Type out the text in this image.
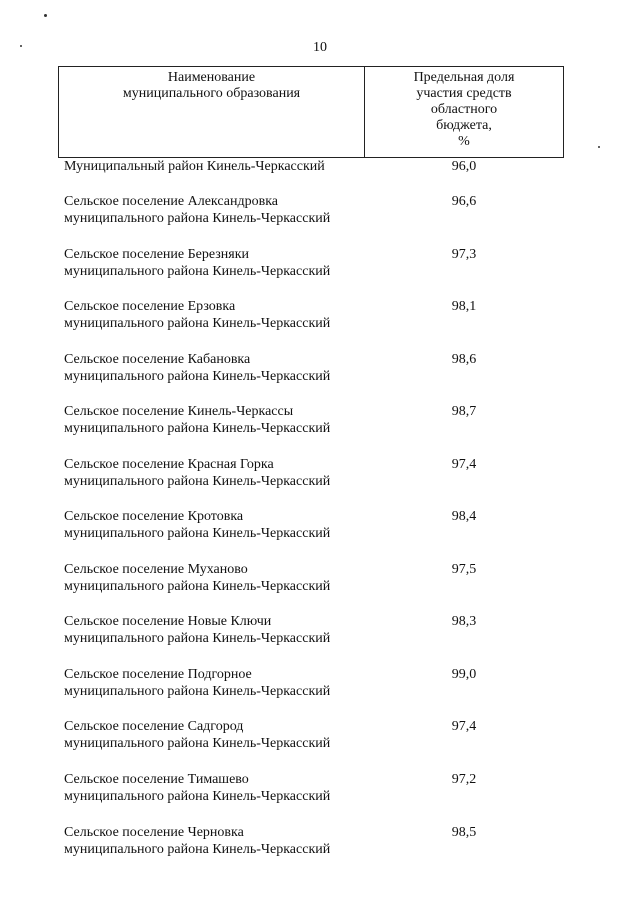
10
Наименование
муниципального образования
Предельная доля
участия средств
областного
бюджета,
%
Муниципальный район Кинель-Черкасский	96,0
Сельское поселение Александровка
муниципального района Кинель-Черкасский
96,6
Сельское поселение Березняки
муниципального района Кинель-Черкасский
97,3
Сельское поселение Ерзовка
муниципального района Кинель-Черкасский
98,1
Сельское поселение Кабановка
муниципального района Кинель-Черкасский
98,6
Сельское поселение Кинель-Черкассы
муниципального района Кинель-Черкасский
98,7
Сельское поселение Красная Горка
муниципального района Кинель-Черкасский
97,4
Сельское поселение Кротовка
муниципального района Кинель-Черкасский
98,4
Сельское поселение Муханово
муниципального района Кинель-Черкасский
97,5
Сельское поселение Новые Ключи
муниципального района Кинель-Черкасский
98,3
Сельское поселение Подгорное
муниципального района Кинель-Черкасский
99,0
Сельское поселение Садгород
муниципального района Кинель-Черкасский
97,4
Сельское поселение Тимашево
муниципального района Кинель-Черкасский
97,2
Сельское поселение Черновка
муниципального района Кинель-Черкасский
98,5
